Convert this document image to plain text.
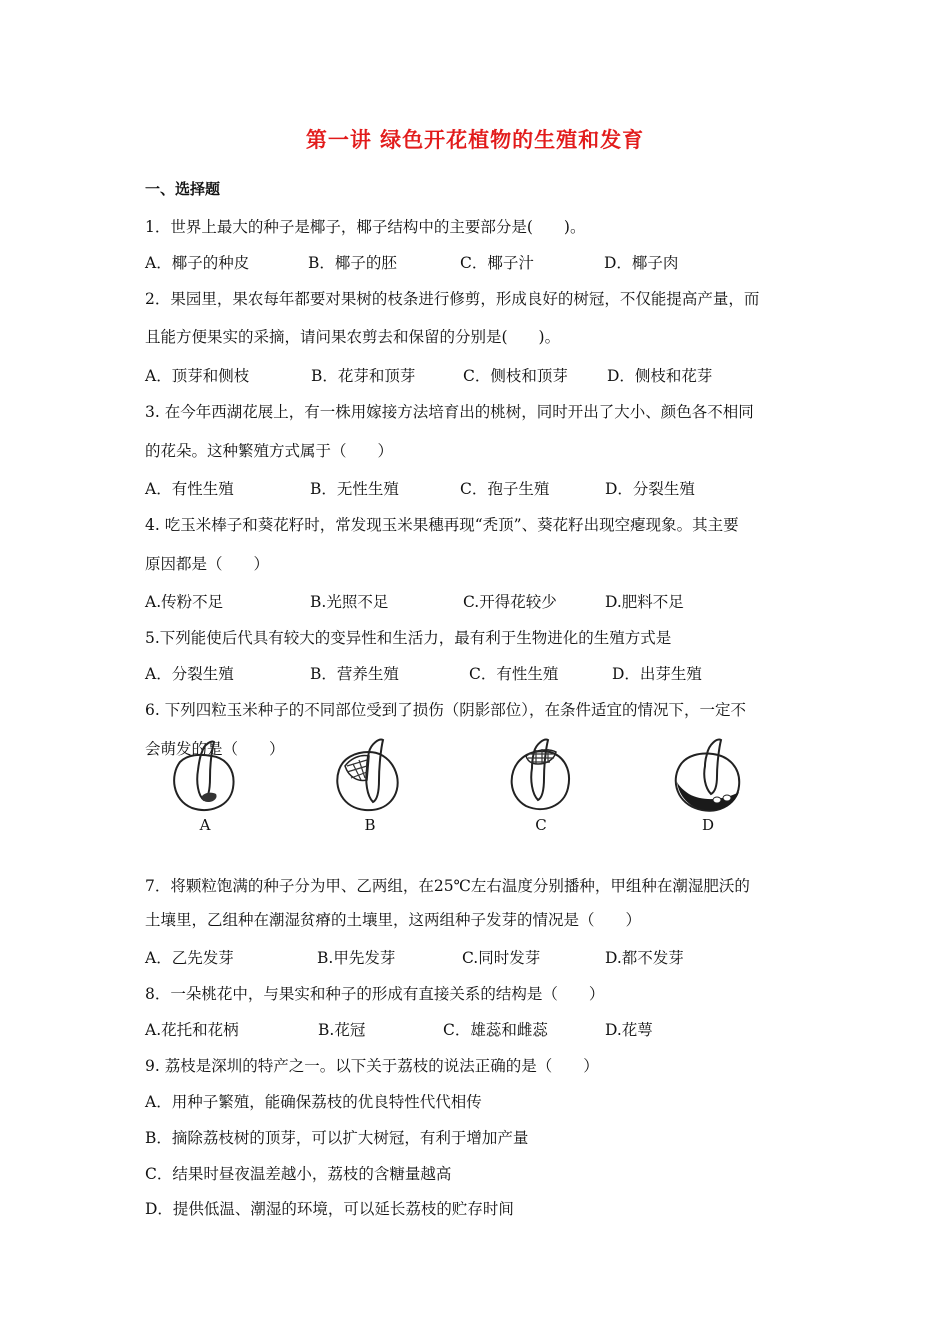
第一讲 绿色开花植物的生殖和发育
一、选择题
1．世界上最大的种子是椰子，椰子结构中的主要部分是(　　)。
A．椰子的种皮	B．椰子的胚	C．椰子汁	D．椰子肉
2．果园里，果农每年都要对果树的枝条进行修剪，形成良好的树冠，不仅能提高产量，而
且能方便果实的采摘，请问果农剪去和保留的分别是(　　)。
A．顶芽和侧枝	B．花芽和顶芽	C．侧枝和顶芽	D．侧枝和花芽
3. 在今年西湖花展上，有一株用嫁接方法培育出的桃树，同时开出了大小、颜色各不相同
的花朵。这种繁殖方式属于（　　）
A．有性生殖	B．无性生殖	C．孢子生殖	D．分裂生殖
4. 吃玉米棒子和葵花籽时，常发现玉米果穗再现“秃顶”、葵花籽出现空瘪现象。其主要
原因都是（　　）
A.传粉不足	B.光照不足	C.开得花较少	D.肥料不足
5.下列能使后代具有较大的变异性和生活力，最有利于生物进化的生殖方式是
A．分裂生殖	B．营养生殖	C．有性生殖	D．出芽生殖
6. 下列四粒玉米种子的不同部位受到了损伤（阴影部位），在条件适宜的情况下，一定不
会萌发的是（　　）
A	B	C	D
7．将颗粒饱满的种子分为甲、乙两组，在25℃左右温度分别播种，甲组种在潮湿肥沃的
土壤里，乙组种在潮湿贫瘠的土壤里，这两组种子发芽的情况是（　　）
A．乙先发芽	B.甲先发芽	C.同时发芽	D.都不发芽
8．一朵桃花中，与果实和种子的形成有直接关系的结构是（　　）
A.花托和花柄	B.花冠	C．雄蕊和雌蕊	D.花萼
9. 荔枝是深圳的特产之一。以下关于荔枝的说法正确的是（　　）
A．用种子繁殖，能确保荔枝的优良特性代代相传
B．摘除荔枝树的顶芽，可以扩大树冠，有利于增加产量
C．结果时昼夜温差越小，荔枝的含糖量越高
D．提供低温、潮湿的环境，可以延长荔枝的贮存时间
